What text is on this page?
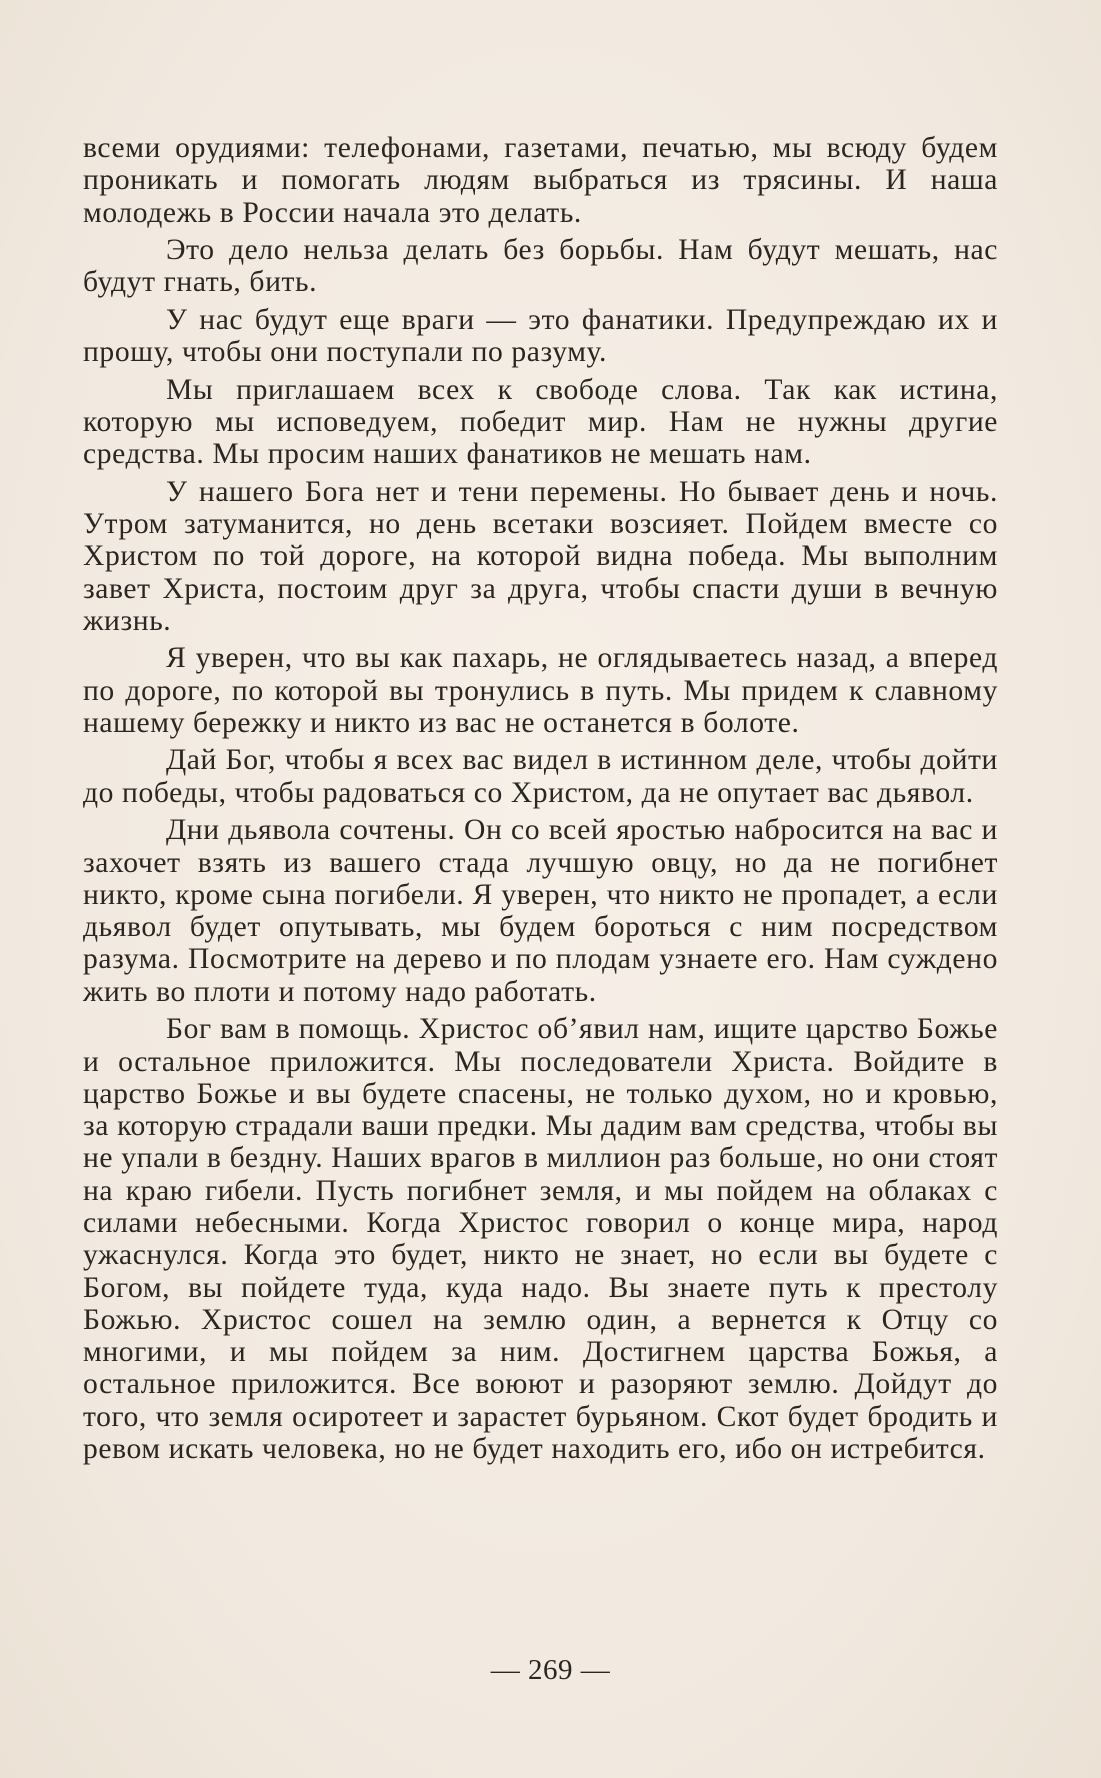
всеми орудиями: телефонами, газетами, печатью, мы всюду будем проникать и помогать людям выбраться из трясины. И наша молодежь в России начала это делать.

Это дело нельза делать без борьбы. Нам будут мешать, нас будут гнать, бить.

У нас будут еще враги — это фанатики. Предупреждаю их и прошу, чтобы они поступали по разуму.

Мы приглашаем всех к свободе слова. Так как истина, которую мы исповедуем, победит мир. Нам не нужны другие средства. Мы просим наших фанатиков не мешать нам.

У нашего Бога нет и тени перемены. Но бывает день и ночь. Утром затуманится, но день всетаки возсияет. Пойдем вместе со Христом по той дороге, на которой видна победа. Мы выполним завет Христа, постоим друг за друга, чтобы спасти души в вечную жизнь.

Я уверен, что вы как пахарь, не оглядываетесь назад, а вперед по дороге, по которой вы тронулись в путь. Мы придем к славному нашему бережку и никто из вас не останется в болоте.

Дай Бог, чтобы я всех вас видел в истинном деле, чтобы дойти до победы, чтобы радоваться со Христом, да не опутает вас дьявол.

Дни дьявола сочтены. Он со всей яростью набросится на вас и захочет взять из вашего стада лучшую овцу, но да не погибнет никто, кроме сына погибели. Я уверен, что никто не пропадет, а если дьявол будет опутывать, мы будем бороться с ним посредством разума. Посмотрите на дерево и по плодам узнаете его. Нам суждено жить во плоти и потому надо работать.

Бог вам в помощь. Христос об’явил нам, ищите царство Божье и остальное приложится. Мы последователи Христа. Войдите в царство Божье и вы будете спасены, не только духом, но и кровью, за которую страдали ваши предки. Мы дадим вам средства, чтобы вы не упали в бездну. Наших врагов в миллион раз больше, но они стоят на краю гибели. Пусть погибнет земля, и мы пойдем на облаках с силами небесными. Когда Христос говорил о конце мира, народ ужаснулся. Когда это будет, никто не знает, но если вы будете с Богом, вы пойдете туда, куда надо. Вы знаете путь к престолу Божью. Христос сошел на землю один, а вернется к Отцу со многими, и мы пойдем за ним. Достигнем царства Божья, а остальное приложится. Все воюют и разоряют землю. Дойдут до того, что земля осиротеет и зарастет бурьяном. Скот будет бродить и ревом искать человека, но не будет находить его, ибо он истребится.

— 269 —
